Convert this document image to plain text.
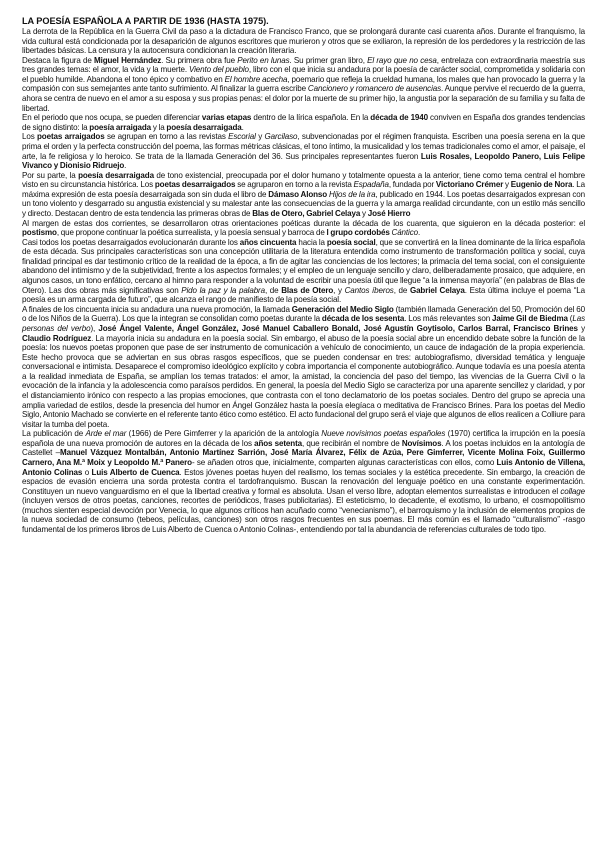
LA POESÍA ESPAÑOLA A PARTIR DE 1936 (HASTA 1975).

La derrota de la República en la Guerra Civil da paso a la dictadura de Francisco Franco, que se prolongará durante casi cuarenta años. Durante el franquismo, la vida cultural está condicionada por la desaparición de algunos escritores que murieron y otros que se exiliaron, la represión de los perdedores y la restricción de las libertades básicas. La censura y la autocensura condicionan la creación literaria.

Destaca la figura de Miguel Hernández. Su primera obra fue Perito en lunas. Su primer gran libro, El rayo que no cesa, entrelaza con extraordinaria maestría sus tres grandes temas: el amor, la vida y la muerte. Viento del pueblo, libro con el que inicia su andadura por la poesía de carácter social, comprometida y solidaria con el pueblo humilde. Abandona el tono épico y combativo en El hombre acecha, poemario que refleja la crueldad humana, los males que han provocado la guerra y la compasión con sus semejantes ante tanto sufrimiento. Al finalizar la guerra escribe Cancionero y romancero de ausencias. Aunque pervive el recuerdo de la guerra, ahora se centra de nuevo en el amor a su esposa y sus propias penas: el dolor por la muerte de su primer hijo, la angustia por la separación de su familia y su falta de libertad.

En el periodo que nos ocupa, se pueden diferenciar varias etapas dentro de la lírica española. En la década de 1940 conviven en España dos grandes tendencias de signo distinto: la poesía arraigada y la poesía desarraigada.

Los poetas arraigados se agrupan en torno a las revistas Escorial y Garcilaso, subvencionadas por el régimen franquista. Escriben una poesía serena en la que prima el orden y la perfecta construcción del poema, las formas métricas clásicas, el tono íntimo, la musicalidad y los temas tradicionales como el amor, el paisaje, el arte, la fe religiosa y lo heroico. Se trata de la llamada Generación del 36. Sus principales representantes fueron Luis Rosales, Leopoldo Panero, Luis Felipe Vivanco y Dionisio Ridruejo.

Por su parte, la poesía desarraigada de tono existencial, preocupada por el dolor humano y totalmente opuesta a la anterior, tiene como tema central el hombre visto en su circunstancia histórica. Los poetas desarraigados se agruparon en torno a la revista Espadaña, fundada por Victoriano Crémer y Eugenio de Nora. La máxima expresión de esta poesía desarraigada son sin duda el libro de Dámaso Alonso Hijos de la ira, publicado en 1944. Los poetas desarraigados expresan con un tono violento y desgarrado su angustia existencial y su malestar ante las consecuencias de la guerra y la amarga realidad circundante, con un estilo más sencillo y directo. Destacan dentro de esta tendencia las primeras obras de Blas de Otero, Gabriel Celaya y José Hierro

Al margen de estas dos corrientes, se desarrollaron otras orientaciones poéticas durante la década de los cuarenta, que siguieron en la década posterior: el postismo, que propone continuar la poética surrealista, y la poesía sensual y barroca de l grupo cordobés Cántico.

Casi todos los poetas desarraigados evolucionarán durante los años cincuenta hacia la poesía social, que se convertirá en la línea dominante de la lírica española de esta década. Sus principales características son una concepción utilitaria de la literatura entendida como instrumento de transformación política y social, cuya finalidad principal es dar testimonio crítico de la realidad de la época, a fin de agitar las conciencias de los lectores; la primacía del tema social, con el consiguiente abandono del intimismo y de la subjetividad, frente a los aspectos formales; y el empleo de un lenguaje sencillo y claro, deliberadamente prosaico, que adquiere, en algunos casos, un tono enfático, cercano al himno para responder a la voluntad de escribir una poesía útil que llegue “a la inmensa mayoría” (en palabras de Blas de Otero). Las dos obras más significativas son Pido la paz y la palabra, de Blas de Otero, y Cantos íberos, de Gabriel Celaya. Esta última incluye el poema “La poesía es un arma cargada de futuro”, que alcanza el rango de manifiesto de la poesía social.

A finales de los cincuenta inicia su andadura una nueva promoción, la llamada Generación del Medio Siglo (también llamada Generación del 50, Promoción del 60 o de los Niños de la Guerra). Los que la integran se consolidan como poetas durante la década de los sesenta. Los más relevantes son Jaime Gil de Biedma (Las personas del verbo), José Ángel Valente, Ángel González, José Manuel Caballero Bonald, José Agustín Goytisolo, Carlos Barral, Francisco Brines y Claudio Rodríguez. La mayoría inicia su andadura en la poesía social. Sin embargo, el abuso de la poesía social abre un encendido debate sobre la función de la poesía: los nuevos poetas proponen que pase de ser instrumento de comunicación a vehículo de conocimiento, un cauce de indagación de la propia experiencia. Este hecho provoca que se adviertan en sus obras rasgos específicos, que se pueden condensar en tres: autobiografismo, diversidad temática y lenguaje conversacional e intimista. Desaparece el compromiso ideológico explícito y cobra importancia el componente autobiográfico. Aunque todavía es una poesía atenta a la realidad inmediata de España, se amplían los temas tratados: el amor, la amistad, la conciencia del paso del tiempo, las vivencias de la Guerra Civil o la evocación de la infancia y la adolescencia como paraísos perdidos. En general, la poesía del Medio Siglo se caracteriza por una aparente sencillez y claridad, y por el distanciamiento irónico con respecto a las propias emociones, que contrasta con el tono declamatorio de los poetas sociales. Dentro del grupo se aprecia una amplia variedad de estilos, desde la presencia del humor en Ángel González hasta la poesía elegíaca o meditativa de Francisco Brines. Para los poetas del Medio Siglo, Antonio Machado se convierte en el referente tanto ético como estético. El acto fundacional del grupo será el viaje que algunos de ellos realicen a Colliure para visitar la tumba del poeta.

La publicación de Arde el mar (1966) de Pere Gimferrer y la aparición de la antología Nueve novísimos poetas españoles (1970) certifica la irrupción en la poesía española de una nueva promoción de autores en la década de los años setenta, que recibirán el nombre de Novísimos. A los poetas incluidos en la antología de Castellet –Manuel Vázquez Montalbán, Antonio Martínez Sarrión, José María Álvarez, Félix de Azúa, Pere Gimferrer, Vicente Molina Foix, Guillermo Carnero, Ana M.ª Moix y Leopoldo M.ª Panero- se añaden otros que, inicialmente, comparten algunas características con ellos, como Luis Antonio de Villena, Antonio Colinas o Luis Alberto de Cuenca. Estos jóvenes poetas huyen del realismo, los temas sociales y la estética precedente. Sin embargo, la creación de espacios de evasión encierra una sorda protesta contra el tardofranquismo. Buscan la renovación del lenguaje poético en una constante experimentación. Constituyen un nuevo vanguardismo en el que la libertad creativa y formal es absoluta. Usan el verso libre, adoptan elementos surrealistas e introducen el collage (incluyen versos de otros poetas, canciones, recortes de periódicos, frases publicitarias). El esteticismo, lo decadente, el exotismo, lo urbano, el cosmopolitismo (muchos sienten especial devoción por Venecia, lo que algunos críticos han acuñado como “venecianismo”), el barroquismo y la inclusión de elementos propios de la nueva sociedad de consumo (tebeos, películas, canciones) son otros rasgos frecuentes en sus poemas. El más común es el llamado “culturalismo” -rasgo fundamental de los primeros libros de Luis Alberto de Cuenca o Antonio Colinas-, entendiendo por tal la abundancia de referencias culturales de todo tipo.
